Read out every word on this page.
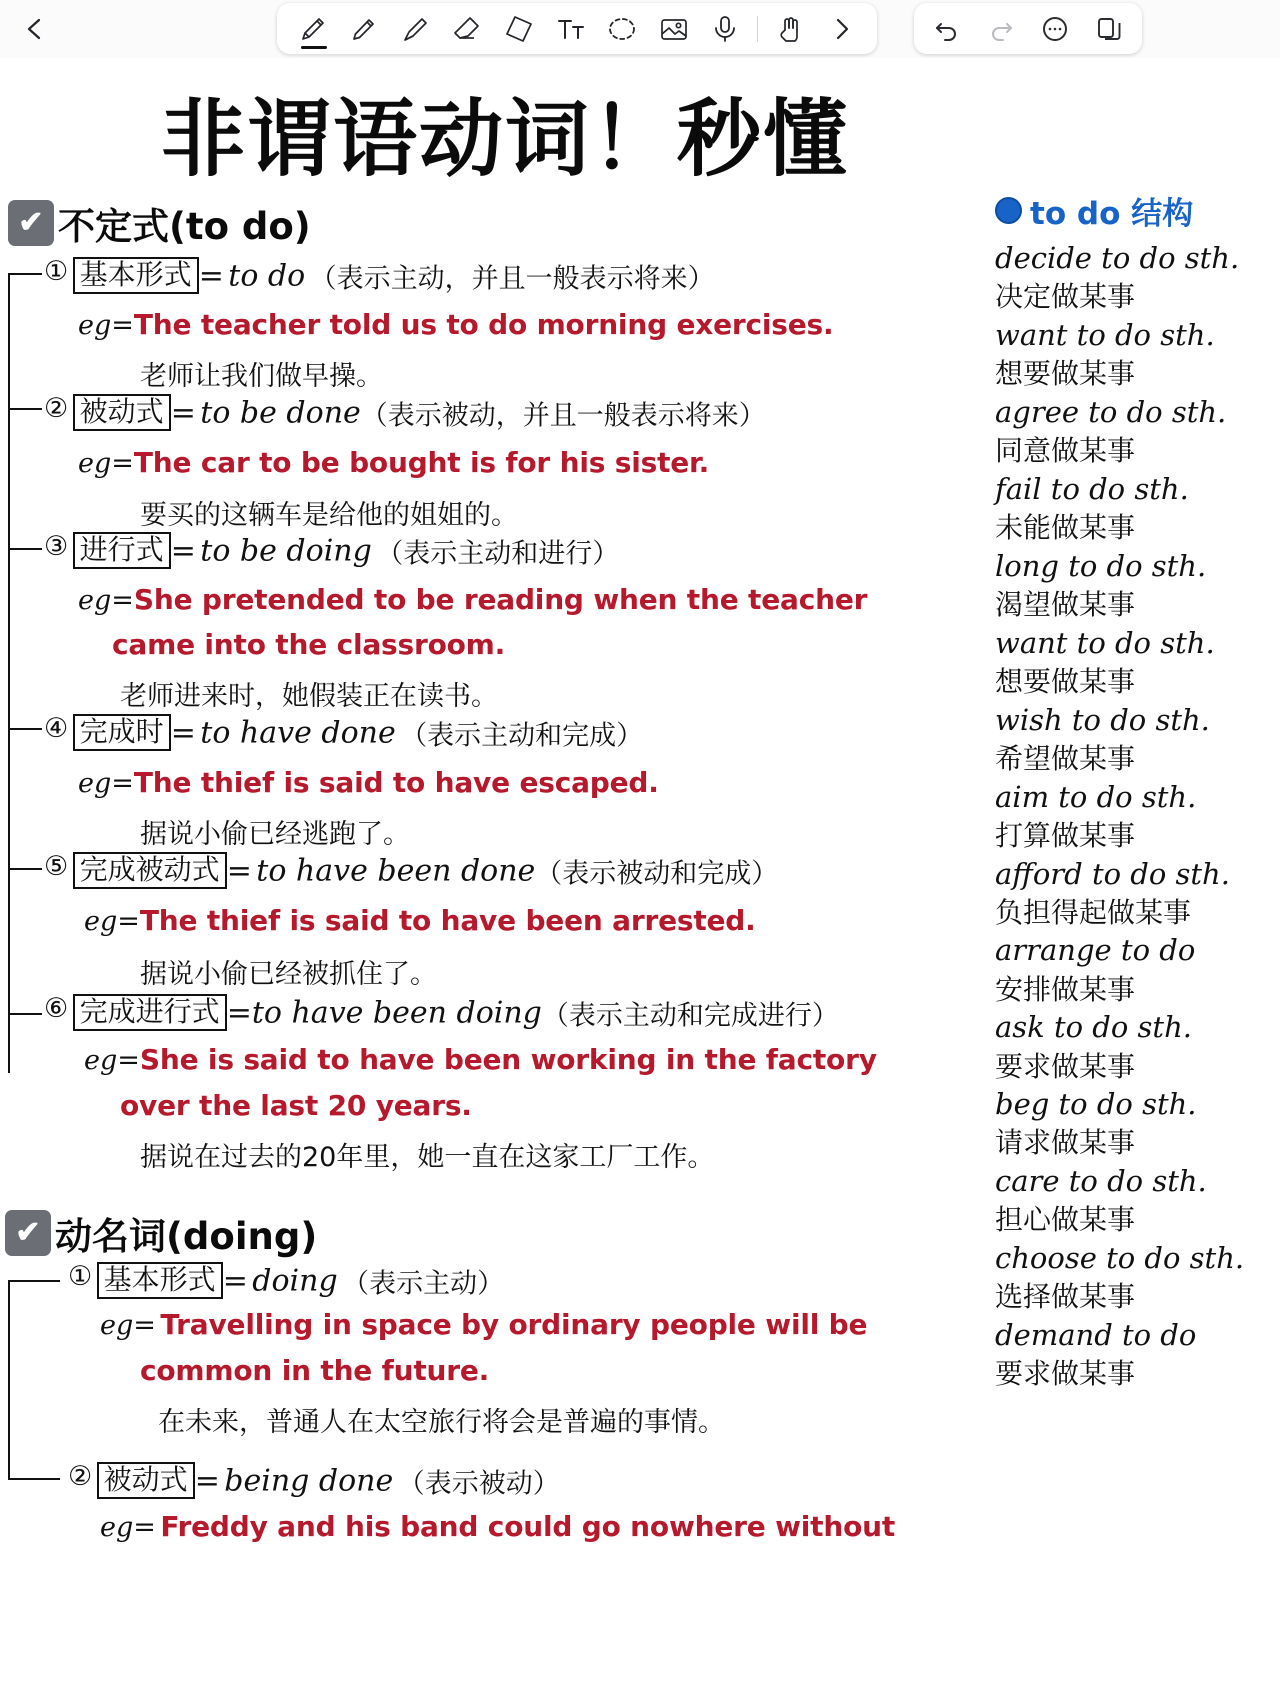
非谓语动词！秒懂
✔ 不定式(to do)
① 基本形式 = to do （表示主动，并且一般表示将来）
eg=The teacher told us to do morning exercises.
老师让我们做早操。
② 被动式 = to be done（表示被动，并且一般表示将来）
eg=The car to be bought is for his sister.
要买的这辆车是给他的姐姐的。
③ 进行式 = to be doing （表示主动和进行）
eg=She pretended to be reading when the teacher
came into the classroom.
老师进来时，她假装正在读书。
④ 完成时 = to have done （表示主动和完成）
eg=The thief is said to have escaped.
据说小偷已经逃跑了。
⑤ 完成被动式 = to have been done（表示被动和完成）
eg=The thief is said to have been arrested.
据说小偷已经被抓住了。
⑥ 完成进行式 =to have been doing（表示主动和完成进行）
eg=She is said to have been working in the factory
over the last 20 years.
据说在过去的20年里，她一直在这家工厂工作。
✔ 动名词(doing)
① 基本形式 = doing （表示主动）
eg= Travelling in space by ordinary people will be
common in the future.
在未来，普通人在太空旅行将会是普遍的事情。
② 被动式 = being done （表示被动）
eg= Freddy and his band could go nowhere without
to do 结构
decide to do sth.
决定做某事
want to do sth.
想要做某事
agree to do sth.
同意做某事
fail to do sth.
未能做某事
long to do sth.
渴望做某事
want to do sth.
想要做某事
wish to do sth.
希望做某事
aim to do sth.
打算做某事
afford to do sth.
负担得起做某事
arrange to do
安排做某事
ask to do sth.
要求做某事
beg to do sth.
请求做某事
care to do sth.
担心做某事
choose to do sth.
选择做某事
demand to do
要求做某事
